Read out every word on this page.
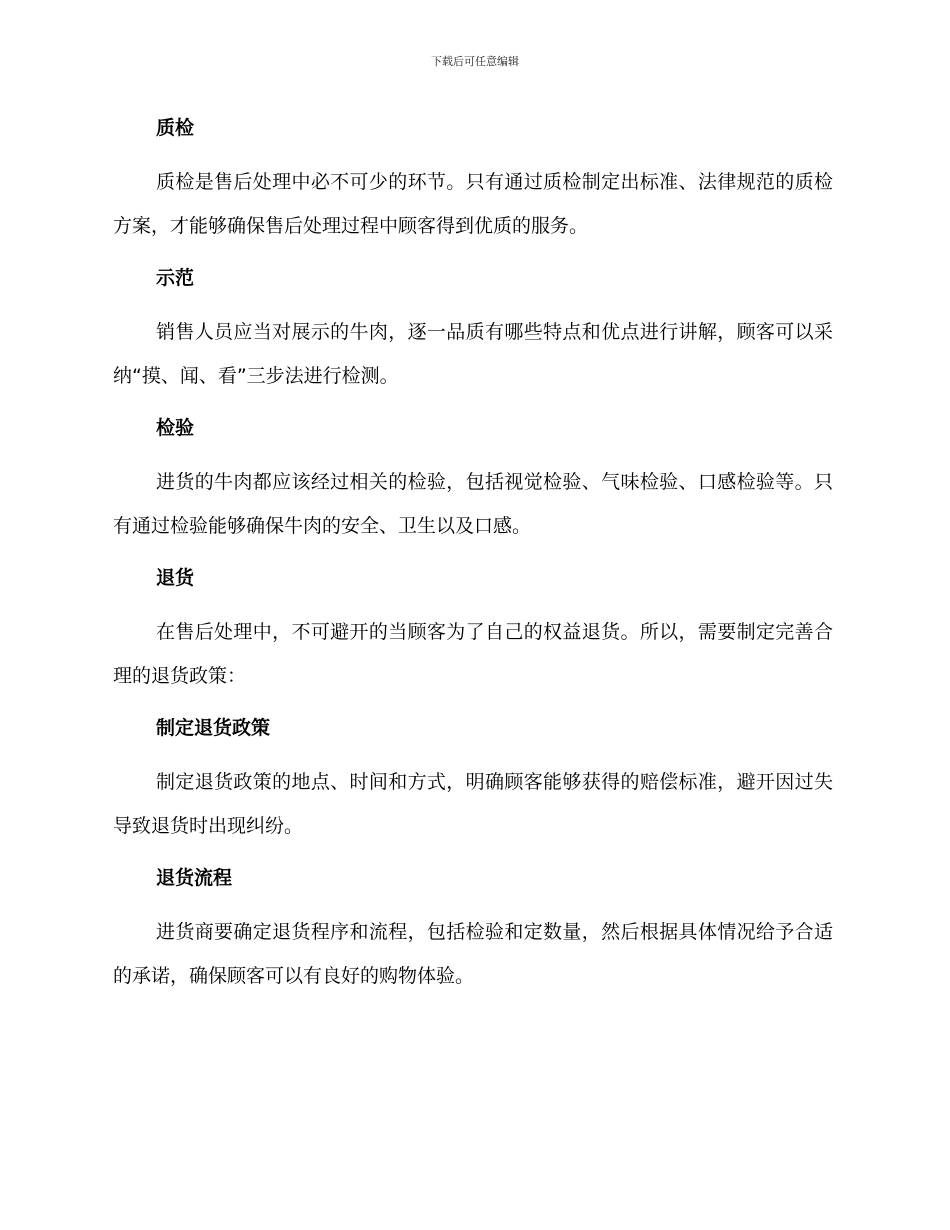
下载后可任意编辑
质检

质检是售后处理中必不可少的环节。只有通过质检制定出标准、法律规范的质检方案，才能够确保售后处理过程中顾客得到优质的服务。

示范

销售人员应当对展示的牛肉，逐一品质有哪些特点和优点进行讲解，顾客可以采纳“摸、闻、看”三步法进行检测。

检验

进货的牛肉都应该经过相关的检验，包括视觉检验、气味检验、口感检验等。只有通过检验能够确保牛肉的安全、卫生以及口感。

退货

在售后处理中，不可避开的当顾客为了自己的权益退货。所以，需要制定完善合理的退货政策：

制定退货政策

制定退货政策的地点、时间和方式，明确顾客能够获得的赔偿标准，避开因过失导致退货时出现纠纷。

退货流程

进货商要确定退货程序和流程，包括检验和定数量，然后根据具体情况给予合适的承诺，确保顾客可以有良好的购物体验。
